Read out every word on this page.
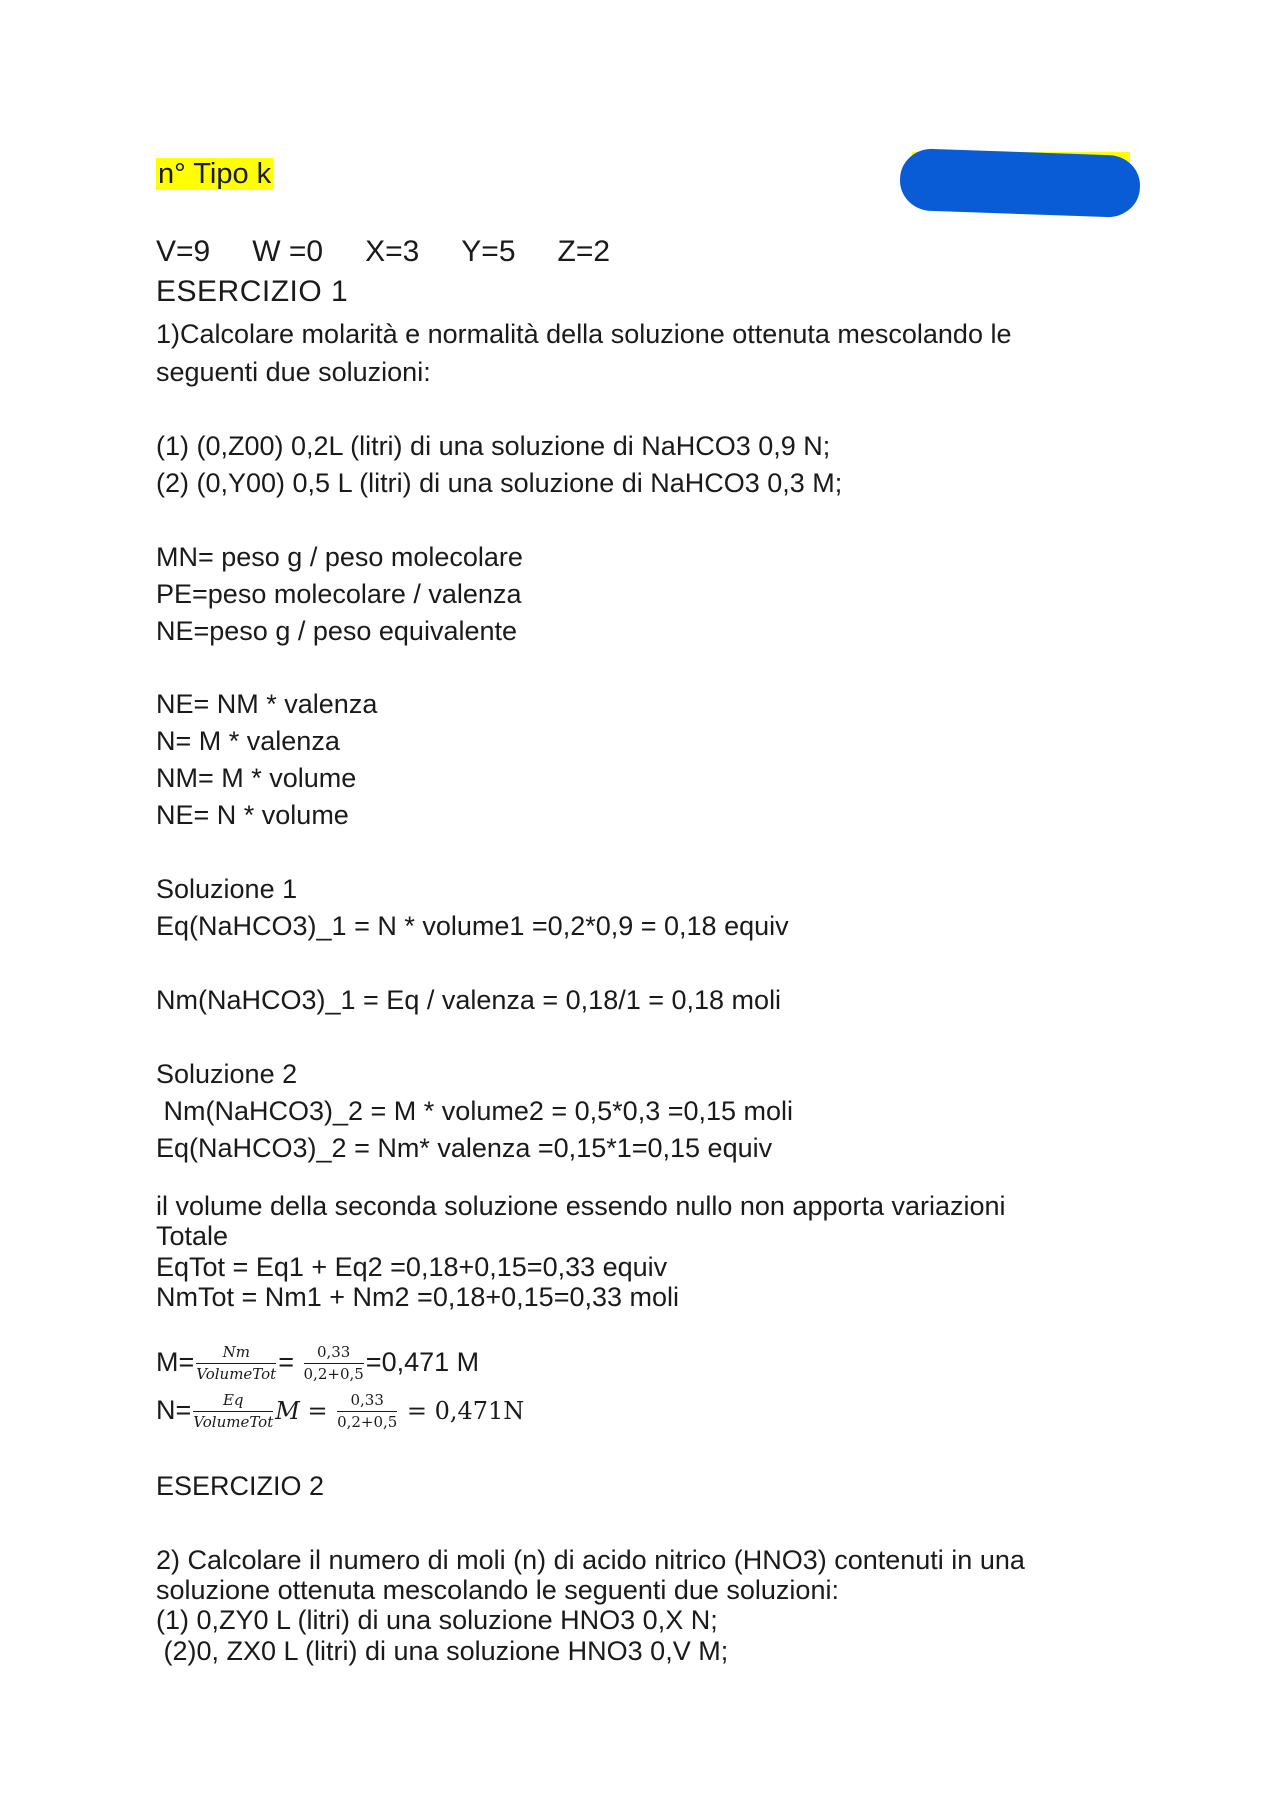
n° Tipo k
V=9 W =0 X=3 Y=5 Z=2
ESERCIZIO 1
1)Calcolare molarità e normalità della soluzione ottenuta mescolando le
seguenti due soluzioni:
(1) (0,Z00) 0,2L (litri) di una soluzione di NaHCO3 0,9 N;
(2) (0,Y00) 0,5 L (litri) di una soluzione di NaHCO3 0,3 M;
MN= peso g / peso molecolare
PE=peso molecolare / valenza
NE=peso g / peso equivalente
NE= NM * valenza
N= M * valenza
NM= M * volume
NE= N * volume
Soluzione 1
Eq(NaHCO3)_1 = N * volume1 =0,2*0,9 = 0,18 equiv
Nm(NaHCO3)_1 = Eq / valenza = 0,18/1 = 0,18 moli
Soluzione 2
Nm(NaHCO3)_2 = M * volume2 = 0,5*0,3 =0,15 moli
Eq(NaHCO3)_2 = Nm* valenza =0,15*1=0,15 equiv
il volume della seconda soluzione essendo nullo non apporta variazioni
Totale
EqTot = Eq1 + Eq2 =0,18+0,15=0,33 equiv
NmTot = Nm1 + Nm2 =0,18+0,15=0,33 moli
$M= \frac{Nm}{\text{VolumeTot}} = \frac{0,33}{0,2+0,5} =0,471$ M
$N= \frac{Eq}{\text{VolumeTot}}$ $M = \frac{0,33}{0,2+0,5} = 0,471N$
ESERCIZIO 2
2) Calcolare il numero di moli (n) di acido nitrico (HNO3) contenuti in una
soluzione ottenuta mescolando le seguenti due soluzioni:
(1) 0,ZY0 L (litri) di una soluzione HNO3 0,X N;
(2)0, ZX0 L (litri) di una soluzione HNO3 0,V M;
